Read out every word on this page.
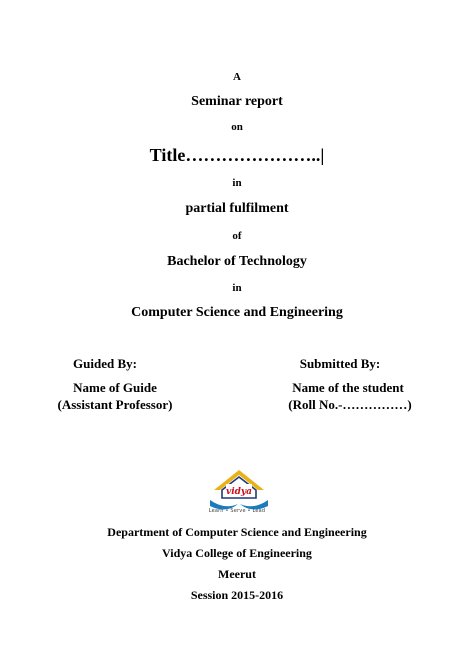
A
Seminar report
on
Title…………………..|
in
partial fulfilment
of
Bachelor of Technology
in
Computer Science and Engineering
Guided By:
Name of Guide
(Assistant Professor)
Submitted By:
Name of the student
(Roll No.-……………)
vidya
Learn • Serve • Lead
Department of Computer Science and Engineering
Vidya College of Engineering
Meerut
Session 2015-2016
